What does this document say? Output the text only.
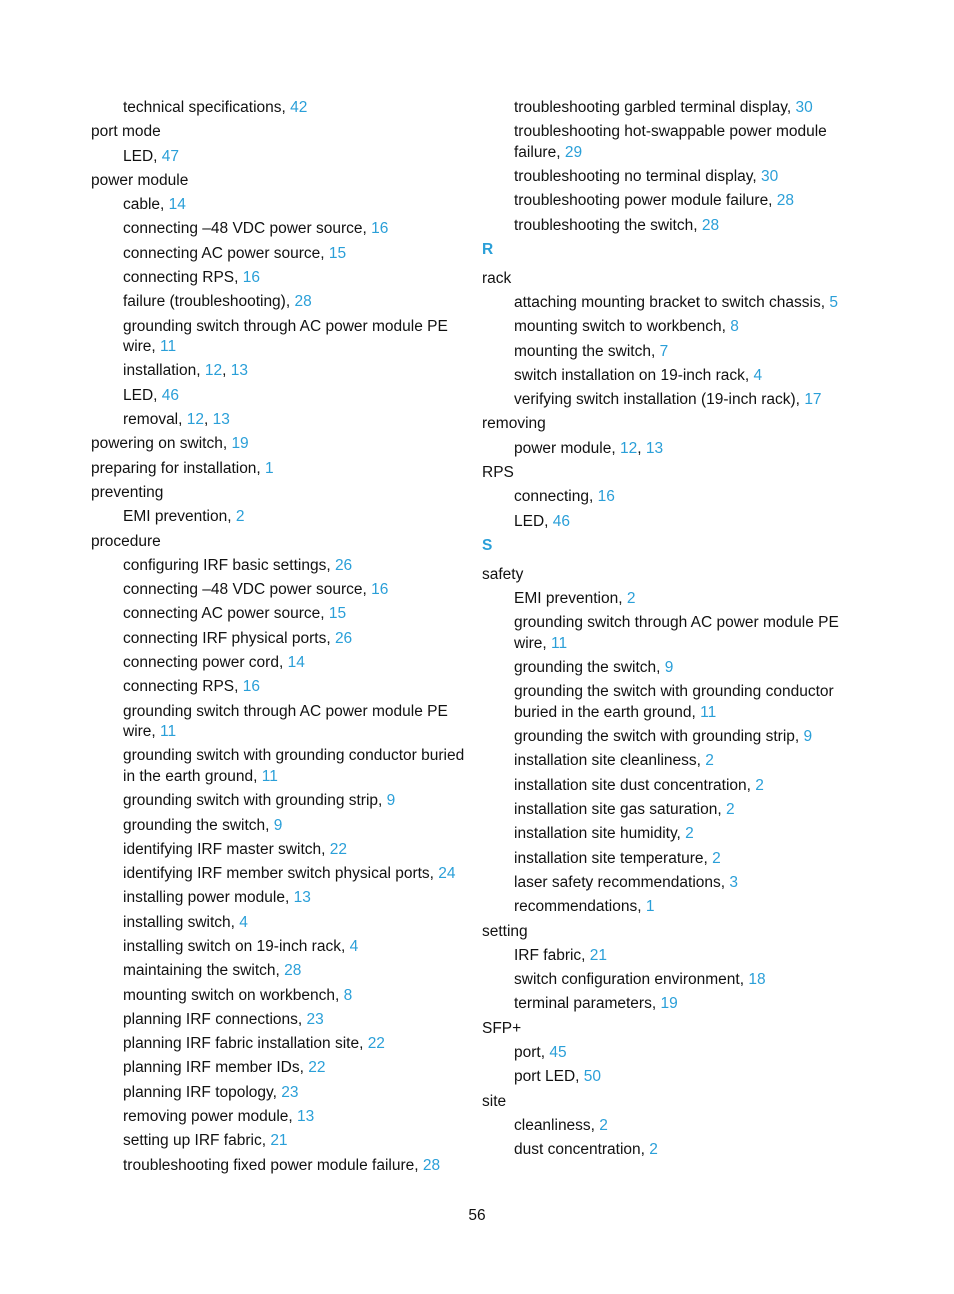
technical specifications, 42
port mode
LED, 47
power module
cable, 14
connecting –48 VDC power source, 16
connecting AC power source, 15
connecting RPS, 16
failure (troubleshooting), 28
grounding switch through AC power module PE wire, 11
installation, 12, 13
LED, 46
removal, 12, 13
powering on switch, 19
preparing for installation, 1
preventing
EMI prevention, 2
procedure
configuring IRF basic settings, 26
connecting –48 VDC power source, 16
connecting AC power source, 15
connecting IRF physical ports, 26
connecting power cord, 14
connecting RPS, 16
grounding switch through AC power module PE wire, 11
grounding switch with grounding conductor buried in the earth ground, 11
grounding switch with grounding strip, 9
grounding the switch, 9
identifying IRF master switch, 22
identifying IRF member switch physical ports, 24
installing power module, 13
installing switch, 4
installing switch on 19-inch rack, 4
maintaining the switch, 28
mounting switch on workbench, 8
planning IRF connections, 23
planning IRF fabric installation site, 22
planning IRF member IDs, 22
planning IRF topology, 23
removing power module, 13
setting up IRF fabric, 21
troubleshooting fixed power module failure, 28
troubleshooting garbled terminal display, 30
troubleshooting hot-swappable power module failure, 29
troubleshooting no terminal display, 30
troubleshooting power module failure, 28
troubleshooting the switch, 28
R
rack
attaching mounting bracket to switch chassis, 5
mounting switch to workbench, 8
mounting the switch, 7
switch installation on 19-inch rack, 4
verifying switch installation (19-inch rack), 17
removing
power module, 12, 13
RPS
connecting, 16
LED, 46
S
safety
EMI prevention, 2
grounding switch through AC power module PE wire, 11
grounding the switch, 9
grounding the switch with grounding conductor buried in the earth ground, 11
grounding the switch with grounding strip, 9
installation site cleanliness, 2
installation site dust concentration, 2
installation site gas saturation, 2
installation site humidity, 2
installation site temperature, 2
laser safety recommendations, 3
recommendations, 1
setting
IRF fabric, 21
switch configuration environment, 18
terminal parameters, 19
SFP+
port, 45
port LED, 50
site
cleanliness, 2
dust concentration, 2
56
